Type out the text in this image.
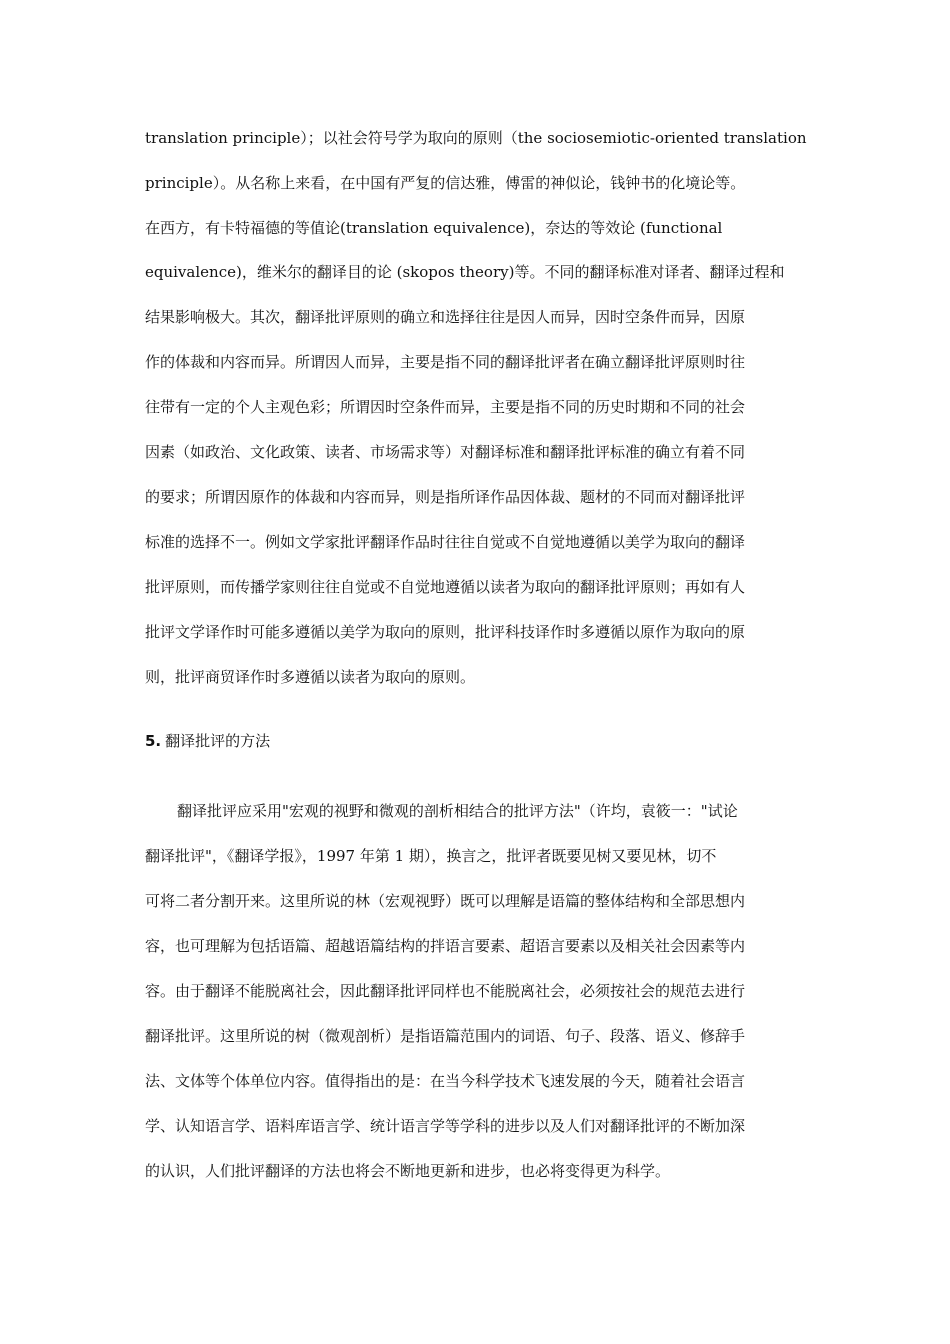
translation principle）；以社会符号学为取向的原则（the sociosemiotic-oriented translation
principle）。从名称上来看，在中国有严复的信达雅，傅雷的神似论，钱钟书的化境论等。
在西方，有卡特福德的等值论(translation equivalence)，奈达的等效论 (functional
equivalence)，维米尔的翻译目的论 (skopos theory)等。不同的翻译标准对译者、翻译过程和
结果影响极大。其次，翻译批评原则的确立和选择往往是因人而异，因时空条件而异，因原
作的体裁和内容而异。所谓因人而异，主要是指不同的翻译批评者在确立翻译批评原则时往
往带有一定的个人主观色彩；所谓因时空条件而异，主要是指不同的历史时期和不同的社会
因素（如政治、文化政策、读者、市场需求等）对翻译标准和翻译批评标准的确立有着不同
的要求；所谓因原作的体裁和内容而异，则是指所译作品因体裁、题材的不同而对翻译批评
标准的选择不一。例如文学家批评翻译作品时往往自觉或不自觉地遵循以美学为取向的翻译
批评原则，而传播学家则往往自觉或不自觉地遵循以读者为取向的翻译批评原则；再如有人
批评文学译作时可能多遵循以美学为取向的原则，批评科技译作时多遵循以原作为取向的原
则，批评商贸译作时多遵循以读者为取向的原则。
5. 翻译批评的方法
翻译批评应采用"宏观的视野和微观的剖析相结合的批评方法"（许均，袁筱一："试论
翻译批评"，《翻译学报》，1997 年第 1 期），换言之，批评者既要见树又要见林，切不
可将二者分割开来。这里所说的林（宏观视野）既可以理解是语篇的整体结构和全部思想内
容，也可理解为包括语篇、超越语篇结构的拌语言要素、超语言要素以及相关社会因素等内
容。由于翻译不能脱离社会，因此翻译批评同样也不能脱离社会，必须按社会的规范去进行
翻译批评。这里所说的树（微观剖析）是指语篇范围内的词语、句子、段落、语义、修辞手
法、文体等个体单位内容。值得指出的是：在当今科学技术飞速发展的今天，随着社会语言
学、认知语言学、语料库语言学、统计语言学等学科的进步以及人们对翻译批评的不断加深
的认识，人们批评翻译的方法也将会不断地更新和进步，也必将变得更为科学。
